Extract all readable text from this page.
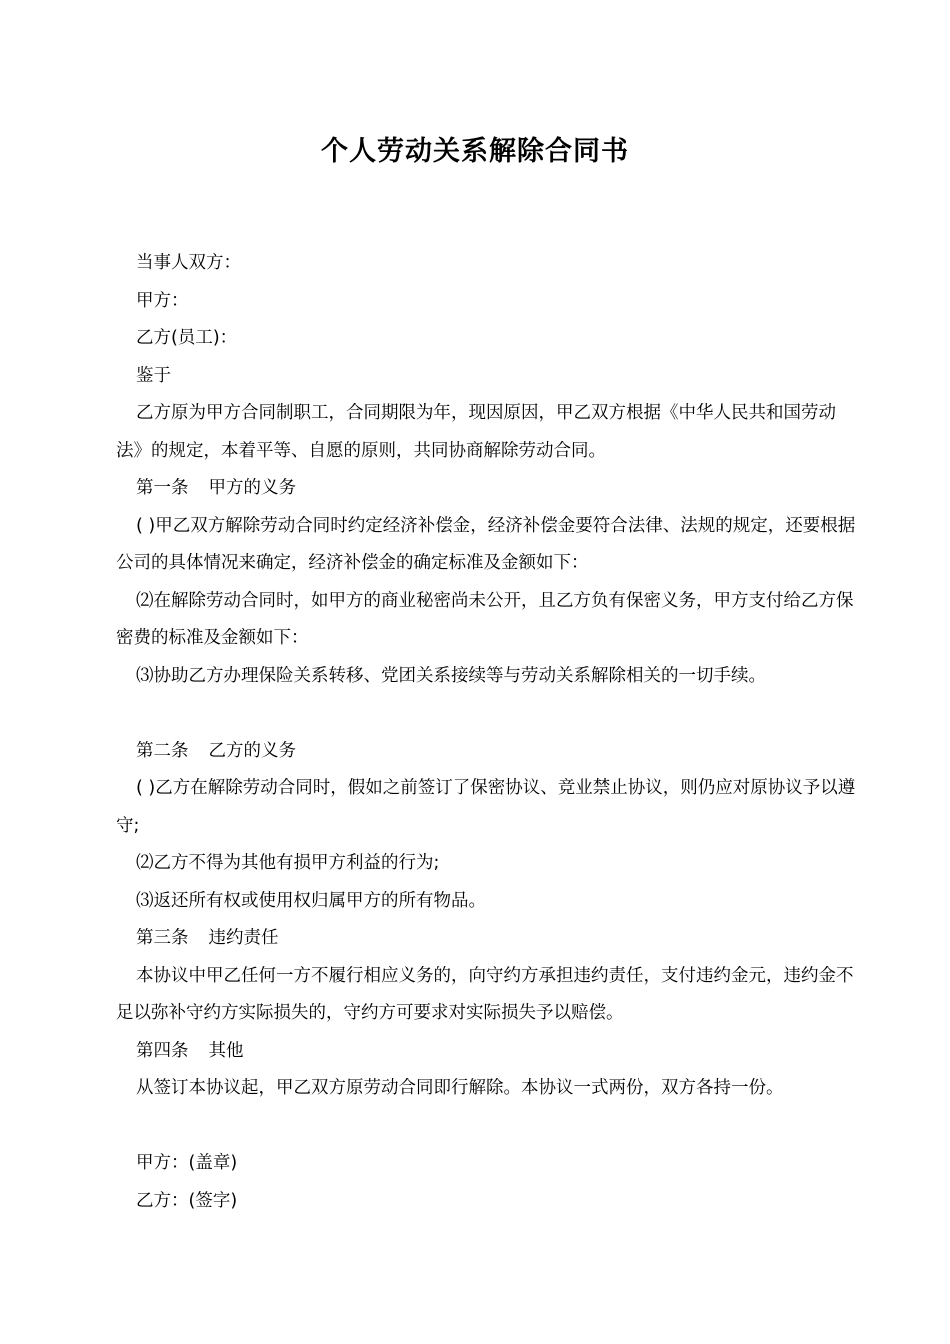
个人劳动关系解除合同书

当事人双方：

甲方：

乙方(员工)：

鉴于

乙方原为甲方合同制职工，合同期限为年，现因原因，甲乙双方根据《中华人民共和国劳动法》的规定，本着平等、自愿的原则，共同协商解除劳动合同。

第一条 甲方的义务

( )甲乙双方解除劳动合同时约定经济补偿金，经济补偿金要符合法律、法规的规定，还要根据公司的具体情况来确定，经济补偿金的确定标准及金额如下：

⑵在解除劳动合同时，如甲方的商业秘密尚未公开，且乙方负有保密义务，甲方支付给乙方保密费的标准及金额如下：

⑶协助乙方办理保险关系转移、党团关系接续等与劳动关系解除相关的一切手续。

第二条 乙方的义务

( )乙方在解除劳动合同时，假如之前签订了保密协议、竞业禁止协议，则仍应对原协议予以遵守;

⑵乙方不得为其他有损甲方利益的行为;

⑶返还所有权或使用权归属甲方的所有物品。

第三条 违约责任

本协议中甲乙任何一方不履行相应义务的，向守约方承担违约责任，支付违约金元，违约金不足以弥补守约方实际损失的，守约方可要求对实际损失予以赔偿。

第四条 其他

从签订本协议起，甲乙双方原劳动合同即行解除。本协议一式两份，双方各持一份。

甲方：(盖章)

乙方：(签字)
